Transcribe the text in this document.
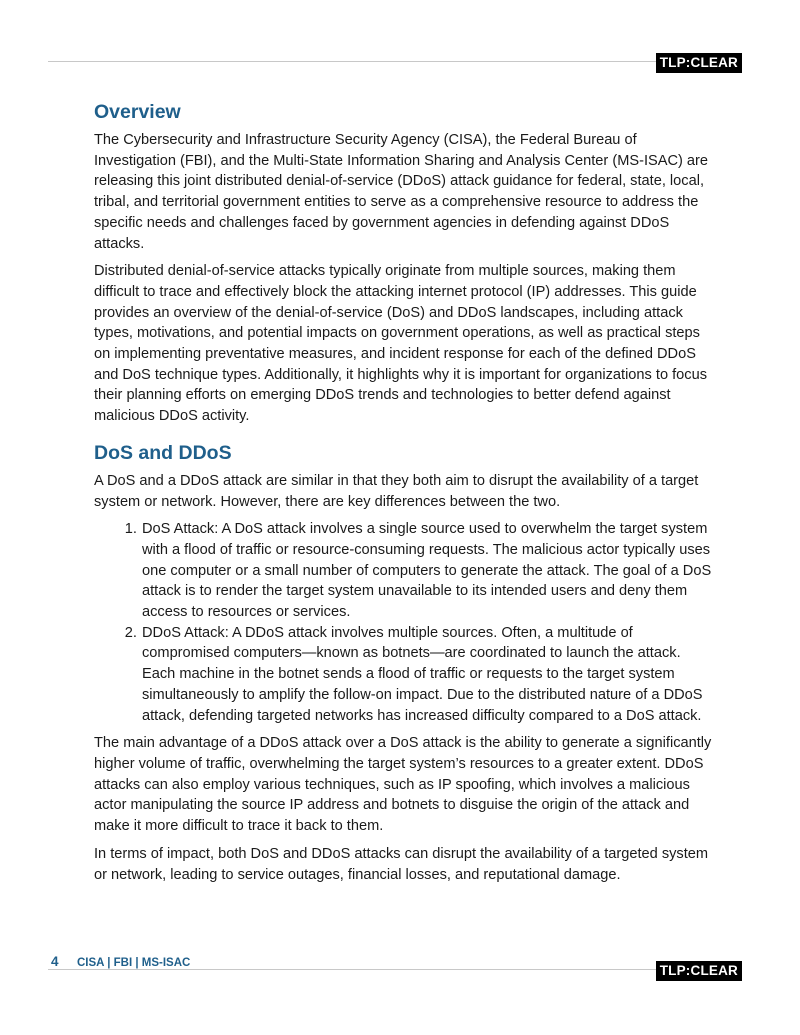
TLP:CLEAR
Overview

The Cybersecurity and Infrastructure Security Agency (CISA), the Federal Bureau of Investigation (FBI), and the Multi-State Information Sharing and Analysis Center (MS-ISAC) are releasing this joint distributed denial-of-service (DDoS) attack guidance for federal, state, local, tribal, and territorial government entities to serve as a comprehensive resource to address the specific needs and challenges faced by government agencies in defending against DDoS attacks.

Distributed denial-of-service attacks typically originate from multiple sources, making them difficult to trace and effectively block the attacking internet protocol (IP) addresses. This guide provides an overview of the denial-of-service (DoS) and DDoS landscapes, including attack types, motivations, and potential impacts on government operations, as well as practical steps on implementing preventative measures, and incident response for each of the defined DDoS and DoS technique types. Additionally, it highlights why it is important for organizations to focus their planning efforts on emerging DDoS trends and technologies to better defend against malicious DDoS activity.

DoS and DDoS

A DoS and a DDoS attack are similar in that they both aim to disrupt the availability of a target system or network. However, there are key differences between the two.

1. DoS Attack: A DoS attack involves a single source used to overwhelm the target system with a flood of traffic or resource-consuming requests. The malicious actor typically uses one computer or a small number of computers to generate the attack. The goal of a DoS attack is to render the target system unavailable to its intended users and deny them access to resources or services.
2. DDoS Attack: A DDoS attack involves multiple sources. Often, a multitude of compromised computers—known as botnets—are coordinated to launch the attack. Each machine in the botnet sends a flood of traffic or requests to the target system simultaneously to amplify the follow-on impact. Due to the distributed nature of a DDoS attack, defending targeted networks has increased difficulty compared to a DoS attack.

The main advantage of a DDoS attack over a DoS attack is the ability to generate a significantly higher volume of traffic, overwhelming the target system’s resources to a greater extent. DDoS attacks can also employ various techniques, such as IP spoofing, which involves a malicious actor manipulating the source IP address and botnets to disguise the origin of the attack and make it more difficult to trace it back to them.

In terms of impact, both DoS and DDoS attacks can disrupt the availability of a targeted system or network, leading to service outages, financial losses, and reputational damage.

4 CISA | FBI | MS-ISAC	TLP:CLEAR
